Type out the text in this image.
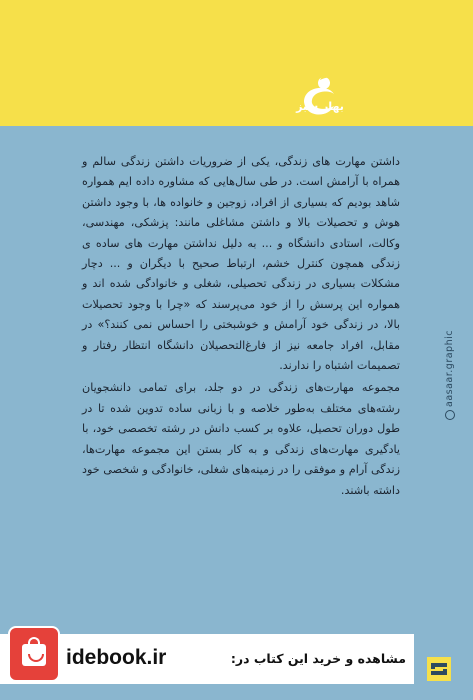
بهار سبز

داشتن مهارت های زندگی، یکی از ضروریات داشتن زندگی سالم و همراه با آرامش است. در طی سال‌هایی که مشاوره داده ایم همواره شاهد بودیم که بسیاری از افراد، زوجین و خانواده ها، با وجود داشتن هوش و تحصیلات بالا و داشتن مشاغلی مانند: پزشکی، مهندسی، وکالت، استادی دانشگاه و ... به دلیل نداشتن مهارت های ساده ی زندگی همچون کنترل خشم، ارتباط صحیح با دیگران و ... دچار مشکلات بسیاری در زندگی تحصیلی، شغلی و خانوادگی شده اند و همواره این پرسش را از خود می‌پرسند که «چرا با وجود تحصیلات بالا، در زندگی خود آرامش و خوشبختی را احساس نمی کنند؟» در مقابل، افراد جامعه نیز از فارغ‌التحصیلان دانشگاه انتظار رفتار و تصمیمات اشتباه را ندارند.

مجموعه مهارت‌های زندگی در دو جلد، برای تمامی دانشجویان رشته‌های مختلف به‌طور خلاصه و با زبانی ساده تدوین شده تا در طول دوران تحصیل، علاوه بر کسب دانش در رشته تخصصی خود، با یادگیری مهارت‌های زندگی و به کار بستن این مجموعه مهارت‌ها، زندگی آرام و موفقی را در زمینه‌های شغلی، خانوادگی و شخصی خود داشته باشند.

aasaar.graphic
idebook.ir	مشاهده و خرید این کتاب در:
